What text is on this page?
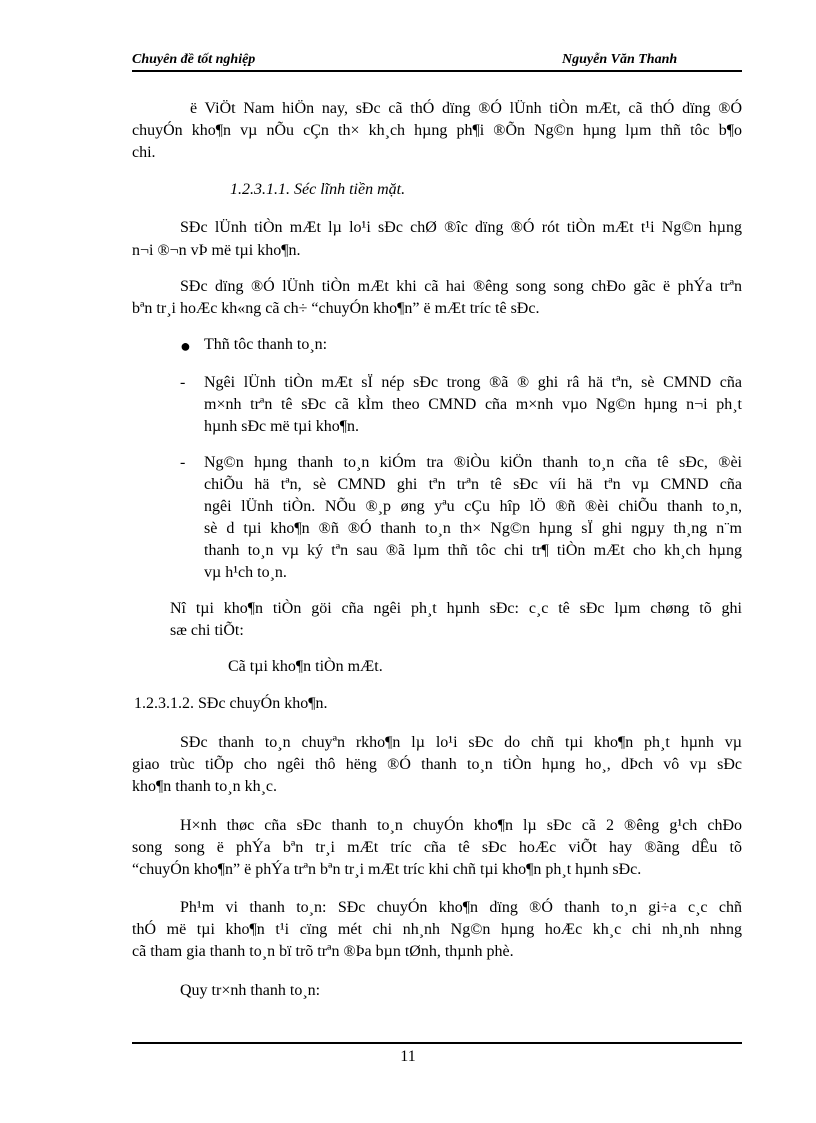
Chuyên đề tốt nghiệp	Nguyễn Văn Thanh
ë ViÖt Nam hiÖn nay, sÐc cã thÓ dïng ®Ó lÜnh tiÒn mÆt, cã thÓ dïng ®Ó
chuyÓn kho¶n vµ nÕu cÇn th× kh¸ch hµng ph¶i ®Õn Ng©n hµng lµm thñ tôc b¶o
chi.
1.2.3.1.1. Séc lĩnh tiền mặt.
SÐc lÜnh tiÒn mÆt lµ lo¹i sÐc chØ ®îc dïng ®Ó rót tiÒn mÆt t¹i Ng©n hµng
n¬i ®¬n vÞ më tµi kho¶n.
SÐc dïng ®Ó lÜnh tiÒn mÆt khi cã hai ®êng song song chÐo gãc ë phÝa trªn
bªn tr¸i hoÆc kh«ng cã ch÷ “chuyÓn kho¶n” ë mÆt tríc tê sÐc.
● Thñ tôc thanh to¸n:
- Ngêi lÜnh tiÒn mÆt sÏ nép sÐc trong ®ã ® ghi râ hä tªn, sè CMND cña
m×nh trªn tê sÐc cã kÌm theo CMND cña m×nh vµo Ng©n hµng n¬i ph¸t
hµnh sÐc më tµi kho¶n.
- Ng©n hµng thanh to¸n kiÓm tra ®iÒu kiÖn thanh to¸n cña tê sÐc, ®èi
chiÕu hä tªn, sè CMND ghi tªn trªn tê sÐc víi hä tªn vµ CMND cña
ngêi lÜnh tiÒn. NÕu ®¸p øng yªu cÇu hîp lÖ ®ñ ®èi chiÕu thanh to¸n,
sè d tµi kho¶n ®ñ ®Ó thanh to¸n th× Ng©n hµng sÏ ghi ngµy th¸ng n¨m
thanh to¸n vµ ký tªn sau ®ã lµm thñ tôc chi tr¶ tiÒn mÆt cho kh¸ch hµng
vµ h¹ch to¸n.
Nî tµi kho¶n tiÒn göi cña ngêi ph¸t hµnh sÐc: c¸c tê sÐc lµm chøng tõ ghi
sæ chi tiÕt:
Cã tµi kho¶n tiÒn mÆt.
1.2.3.1.2. SÐc chuyÓn kho¶n.
SÐc thanh to¸n chuyªn rkho¶n lµ lo¹i sÐc do chñ tµi kho¶n ph¸t hµnh vµ
giao trùc tiÕp cho ngêi thô hëng ®Ó thanh to¸n tiÒn hµng ho¸, dÞch vô vµ sÐc
kho¶n thanh to¸n kh¸c.
H×nh thøc cña sÐc thanh to¸n chuyÓn kho¶n lµ sÐc cã 2 ®êng g¹ch chÐo
song song ë phÝa bªn tr¸i mÆt tríc cña tê sÐc hoÆc viÕt hay ®ãng dÊu tõ
“chuyÓn kho¶n” ë phÝa trªn bªn tr¸i mÆt tríc khi chñ tµi kho¶n ph¸t hµnh sÐc.
Ph¹m vi thanh to¸n: SÐc chuyÓn kho¶n dïng ®Ó thanh to¸n gi÷a c¸c chñ
thÓ më tµi kho¶n t¹i cïng mét chi nh¸nh Ng©n hµng hoÆc kh¸c chi nh¸nh nhng
cã tham gia thanh to¸n bï trõ trªn ®Þa bµn tØnh, thµnh phè.
Quy tr×nh thanh to¸n:
11
